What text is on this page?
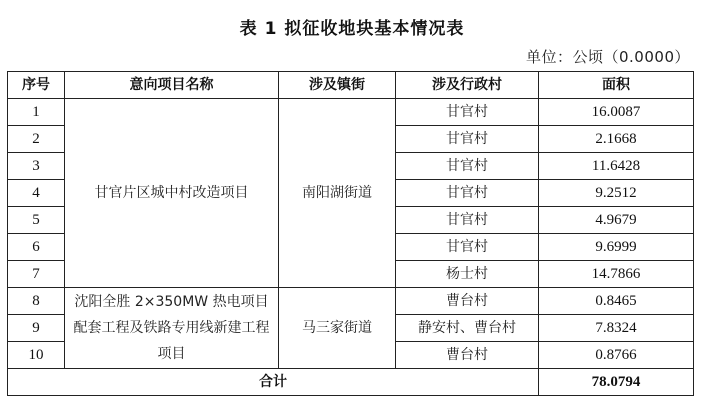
表 1 拟征收地块基本情况表
单位：公顷（0.0000）
序号	意向项目名称	涉及镇街	涉及行政村	面积
1	甘官片区城中村改造项目	南阳湖街道	甘官村	16.0087
2			甘官村	2.1668
3			甘官村	11.6428
4			甘官村	9.2512
5			甘官村	4.9679
6			甘官村	9.6999
7			杨士村	14.7866
8	沈阳全胜 2×350MW 热电项目配套工程及铁路专用线新建工程项目	马三家街道	曹台村	0.8465
9			静安村、曹台村	7.8324
10			曹台村	0.8766
合计				78.0794
